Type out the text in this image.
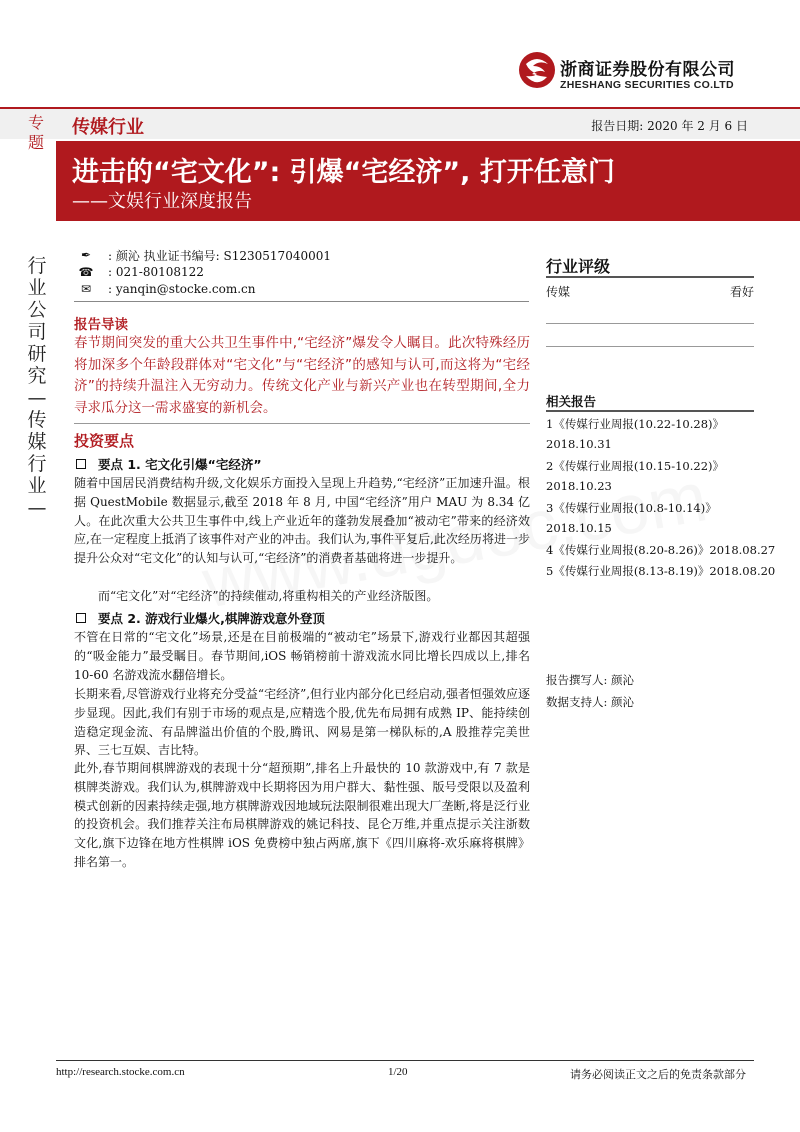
浙商证券股份有限公司
ZHESHANG SECURITIES CO.LTD
专题
传媒行业	报告日期: 2020 年 2 月 6 日
进击的“宅文化”: 引爆“宅经济”, 打开任意门
——文娱行业深度报告
行
业
公
司
研
究
—
传
媒
行
业
—
✒ : 颜沁 执业证书编号: S1230517040001
☎ : 021-80108122
✉ : yanqin@stocke.com.cn
报告导读
春节期间突发的重大公共卫生事件中,“宅经济”爆发令人瞩目。此次特殊经历将加深多个年龄段群体对“宅文化”与“宅经济”的感知与认可,而这将为“宅经济”的持续升温注入无穷动力。传统文化产业与新兴产业也在转型期间,全力寻求瓜分这一需求盛宴的新机会。
投资要点
要点 1. 宅文化引爆“宅经济”
随着中国居民消费结构升级,文化娱乐方面投入呈现上升趋势,“宅经济”正加速升温。根据 QuestMobile 数据显示,截至 2018 年 8 月, 中国“宅经济”用户 MAU 为 8.34 亿人。在此次重大公共卫生事件中,线上产业近年的蓬勃发展叠加“被动宅”带来的经济效应,在一定程度上抵消了该事件对产业的冲击。我们认为,事件平复后,此次经历将进一步提升公众对“宅文化”的认知与认可,“宅经济”的消费者基础将进一步提升。
而“宅文化”对“宅经济”的持续催动,将重构相关的产业经济版图。
要点 2. 游戏行业爆火,棋牌游戏意外登顶
不管在日常的“宅文化”场景,还是在目前极端的“被动宅”场景下,游戏行业都因其超强的“吸金能力”最受瞩目。春节期间,iOS 畅销榜前十游戏流水同比增长四成以上,排名 10-60 名游戏流水翻倍增长。
长期来看,尽管游戏行业将充分受益“宅经济”,但行业内部分化已经启动,强者恒强效应逐步显现。因此,我们有别于市场的观点是,应精选个股,优先布局拥有成熟 IP、能持续创造稳定现金流、有品牌溢出价值的个股,腾讯、网易是第一梯队标的,A 股推荐完美世界、三七互娱、吉比特。
此外,春节期间棋牌游戏的表现十分“超预期”,排名上升最快的 10 款游戏中,有 7 款是棋牌类游戏。我们认为,棋牌游戏中长期将因为用户群大、黏性强、版号受限以及盈利模式创新的因素持续走强,地方棋牌游戏因地域玩法限制很难出现大厂垄断,将是泛行业的投资机会。我们推荐关注布局棋牌游戏的姚记科技、昆仑万维,并重点提示关注浙数文化,旗下边锋在地方性棋牌 iOS 免费榜中独占两席,旗下《四川麻将-欢乐麻将棋牌》排名第一。
行业评级
传媒	看好
相关报告
1《传媒行业周报(10.22-10.28)》
2018.10.31
2《传媒行业周报(10.15-10.22)》
2018.10.23
3《传媒行业周报(10.8-10.14)》
2018.10.15
4《传媒行业周报(8.20-8.26)》2018.08.27
5《传媒行业周报(8.13-8.19)》2018.08.20
报告撰写人: 颜沁
数据支持人: 颜沁
http://research.stocke.com.cn	1/20	请务必阅读正文之后的免责条款部分
